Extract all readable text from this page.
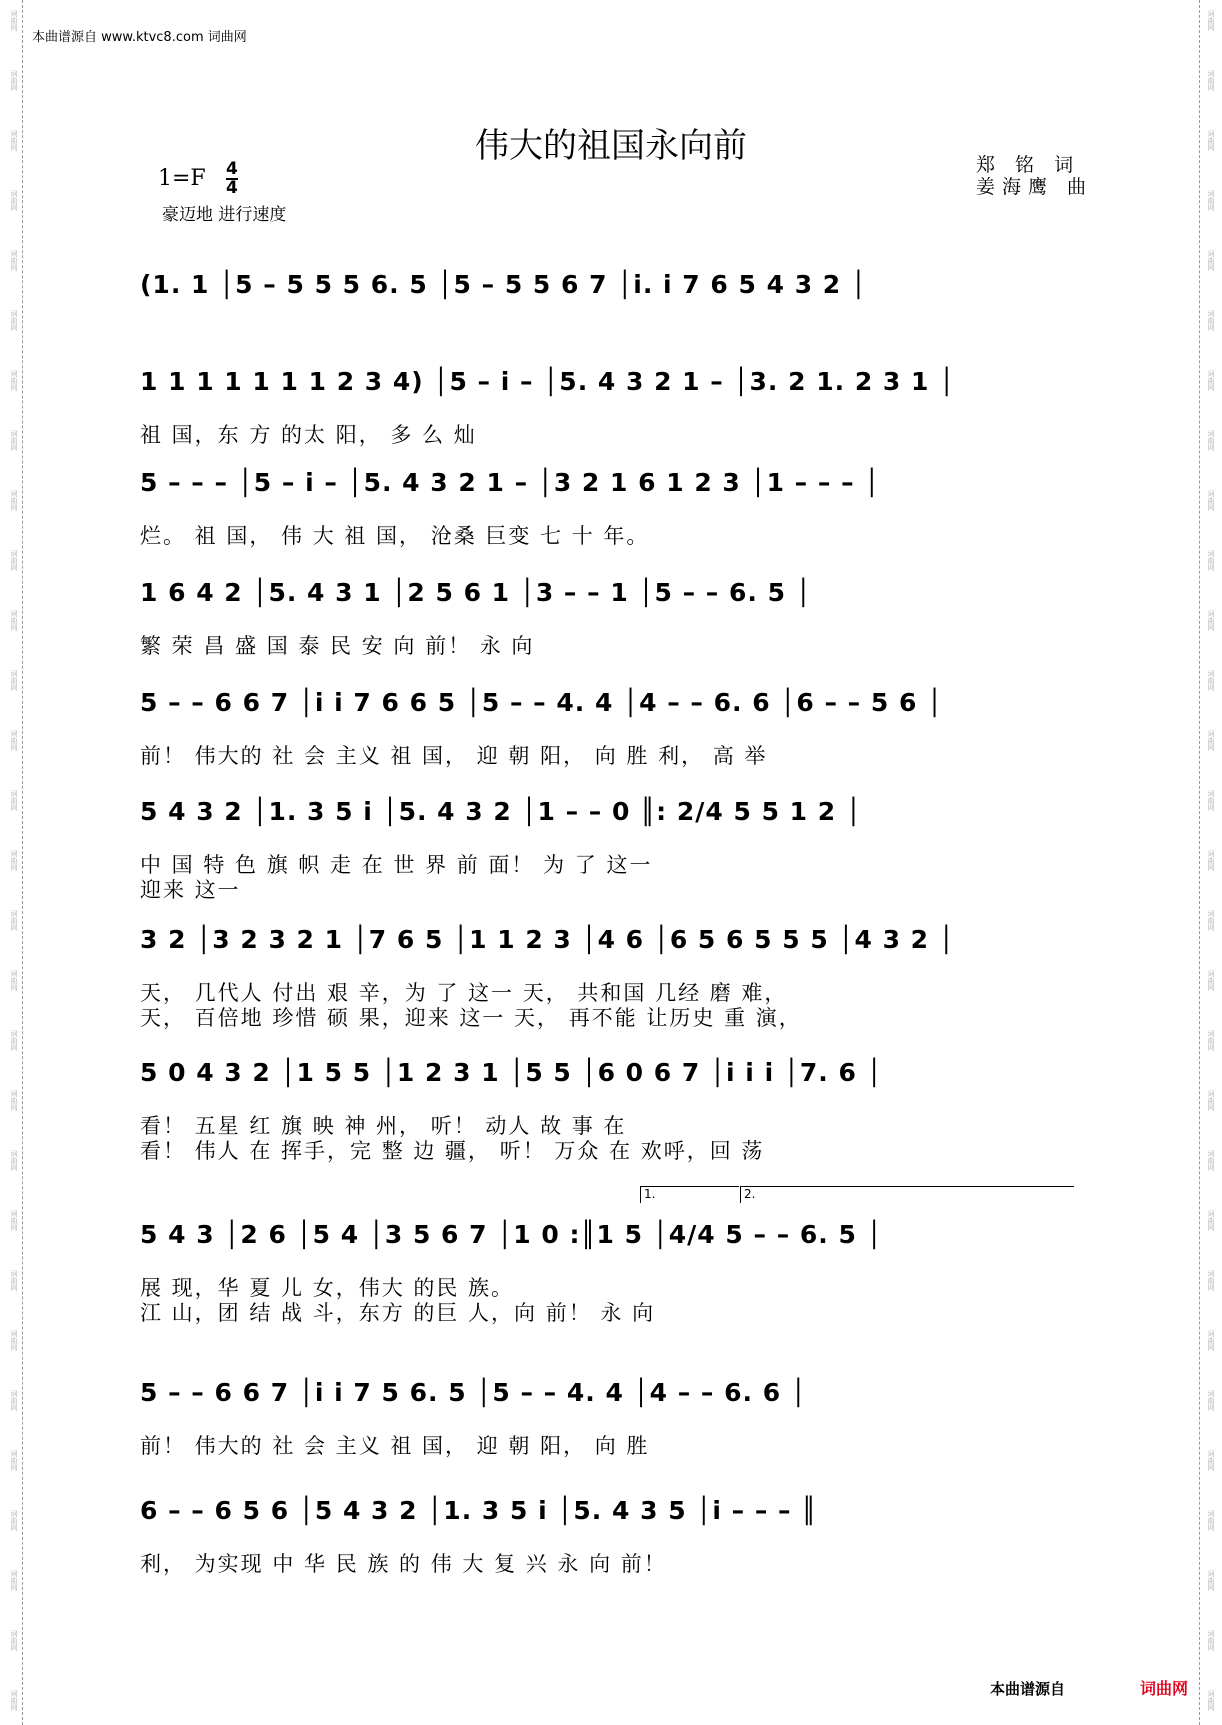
本曲谱源自 www.ktvc8.com 词曲网
伟大的祖国永向前
1=F 4
4
豪迈地 进行速度
郑 铭 词
姜海鹰 曲
(1. 1 │5 – 5 5 5 6. 5 │5 – 5 5 6 7 │i. i 7 6 5 4 3 2 │
1 1 1 1 1 1 1 2 3 4) │5 – i – │5. 4 3 2 1 – │3. 2 1. 2 3 1 │
祖 国，东 方 的太 阳， 多 么 灿
5 – – – │5 – i – │5. 4 3 2 1 – │3 2 1 6 1 2 3 │1 – – – │
烂。 祖 国， 伟 大 祖 国， 沧桑 巨变 七 十 年。
1 6 4 2 │5. 4 3 1 │2 5 6 1 │3 – – 1 │5 – – 6. 5 │
繁 荣 昌 盛 国 泰 民 安 向 前！ 永 向
5 – – 6 6 7 │i i 7 6 6 5 │5 – – 4. 4 │4 – – 6. 6 │6 – – 5 6 │
前！ 伟大的 社 会 主义 祖 国， 迎 朝 阳， 向 胜 利， 高 举
5 4 3 2 │1. 3 5 i │5. 4 3 2 │1 – – 0 ║: 2/4 5 5 1 2 │
中 国 特 色 旗 帜 走 在 世 界 前 面！ 为 了 这一
迎来 这一
3 2 │3 2 3 2 1 │7 6 5 │1 1 2 3 │4 6 │6 5 6 5 5 5 │4 3 2 │
天， 几代人 付出 艰 辛，为 了 这一 天， 共和国 几经 磨 难，
天， 百倍地 珍惜 硕 果，迎来 这一 天， 再不能 让历史 重 演，
5 0 4 3 2 │1 5 5 │1 2 3 1 │5 5 │6 0 6 7 │i i i │7. 6 │
看！ 五星 红 旗 映 神 州， 听！ 动人 故 事 在
看！ 伟人 在 挥手，完 整 边 疆， 听！ 万众 在 欢呼，回 荡
5 4 3 │2 6 │5 4 │3 5 6 7 │1 0 :║1 5 │4/4 5 – – 6. 5 │
展 现，华 夏 儿 女，伟大 的民 族。
江 山，团 结 战 斗，东方 的巨 人，向 前！ 永 向
1.	2.
5 – – 6 6 7 │i i 7 5 6. 5 │5 – – 4. 4 │4 – – 6. 6 │
前！ 伟大的 社 会 主义 祖 国， 迎 朝 阳， 向 胜
6 – – 6 5 6 │5 4 3 2 │1. 3 5 i │5. 4 3 5 │i – – – ║
利， 为实现 中 华 民 族 的 伟 大 复 兴 永 向 前！
本曲谱源自	词曲网
词曲网	词曲网
词曲网	词曲网
词曲网	词曲网
词曲网	词曲网
词曲网	词曲网
词曲网	词曲网
词曲网	词曲网
词曲网	词曲网
词曲网	词曲网
词曲网	词曲网
词曲网	词曲网
词曲网	词曲网
词曲网	词曲网
词曲网	词曲网
词曲网	词曲网
词曲网	词曲网
词曲网	词曲网
词曲网	词曲网
词曲网	词曲网
词曲网	词曲网
词曲网	词曲网
词曲网	词曲网
词曲网	词曲网
词曲网	词曲网
词曲网	词曲网
词曲网	词曲网
词曲网	词曲网
词曲网	词曲网
词曲网	词曲网
